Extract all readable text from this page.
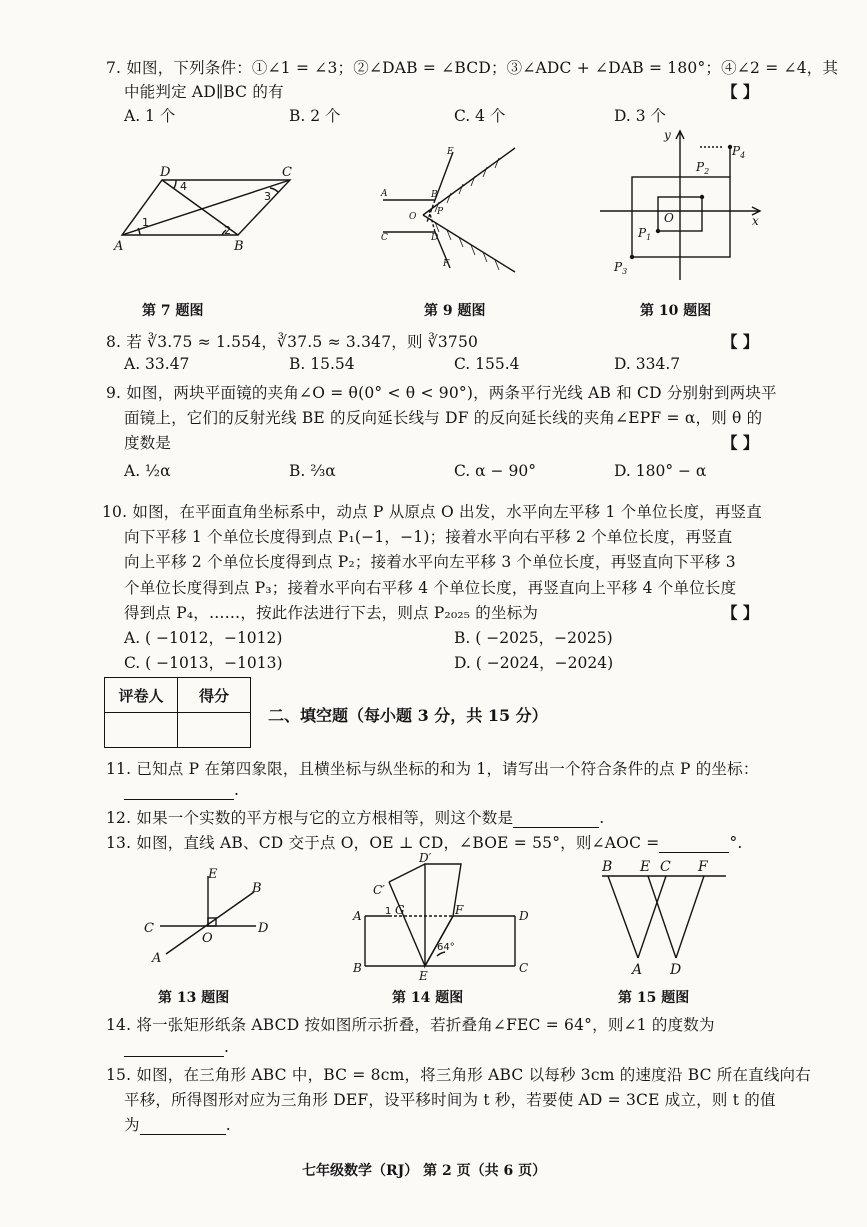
7. 如图，下列条件：①∠1 = ∠3；②∠DAB = ∠BCD；③∠ADC + ∠DAB = 180°；④∠2 = ∠4，其
中能判定 AD∥BC 的有	【 】
A. 1 个	B. 2 个	C. 4 个	D. 3 个
A	B
C
D
1
2
3
4
第 7 题图
A	B
C	D
E
F
O P
第 9 题图
y
x
O
$P_1$
$P_2$
$P_3$
$P_4$
第 10 题图
8. 若 ∛3.75 ≈ 1.554，∛37.5 ≈ 3.347，则 ∛3750	【 】
A. 33.47	B. 15.54	C. 155.4	D. 334.7
9. 如图，两块平面镜的夹角∠O = θ(0° < θ < 90°)，两条平行光线 AB 和 CD 分别射到两块平
面镜上，它们的反射光线 BE 的反向延长线与 DF 的反向延长线的夹角∠EPF = α，则 θ 的
度数是	【 】
A. ½α	B. ⅔α	C. α − 90°	D. 180° − α
10. 如图，在平面直角坐标系中，动点 P 从原点 O 出发，水平向左平移 1 个单位长度，再竖直
向下平移 1 个单位长度得到点 P₁(−1，−1)；接着水平向右平移 2 个单位长度，再竖直
向上平移 2 个单位长度得到点 P₂；接着水平向左平移 3 个单位长度，再竖直向下平移 3
个单位长度得到点 P₃；接着水平向右平移 4 个单位长度，再竖直向上平移 4 个单位长度
得到点 P₄，……，按此作法进行下去，则点 P₂₀₂₅ 的坐标为	【 】
A. ( −1012，−1012)	B. ( −2025，−2025)
C. ( −1013，−1013)	D. ( −2024，−2024)
评卷人	得分

二、填空题（每小题 3 分，共 15 分）
11. 已知点 P 在第四象限，且横坐标与纵坐标的和为 1，请写出一个符合条件的点 P 的坐标：
.
12. 如果一个实数的平方根与它的立方根相等，则这个数是	.
13. 如图，直线 AB、CD 交于点 O，OE ⊥ CD，∠BOE = 55°，则∠AOC =	°.
C	D
E
B
A
O
第 13 题图
A
B	C
D
E
F
G
C′
D′
1
64°
第 14 题图
B E C F
A D
第 15 题图
14. 将一张矩形纸条 ABCD 按如图所示折叠，若折叠角∠FEC = 64°，则∠1 的度数为
.
15. 如图，在三角形 ABC 中，BC = 8cm，将三角形 ABC 以每秒 3cm 的速度沿 BC 所在直线向右
平移，所得图形对应为三角形 DEF，设平移时间为 t 秒，若要使 AD = 3CE 成立，则 t 的值
为	.
七年级数学（RJ） 第 2 页（共 6 页）
